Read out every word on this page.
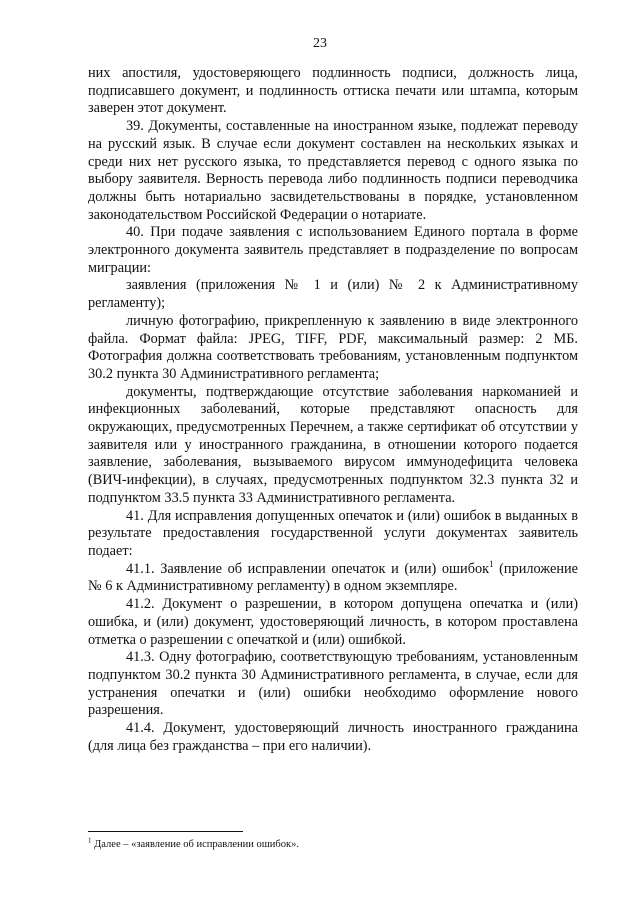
23

них апостиля, удостоверяющего подлинность подписи, должность лица, подписавшего документ, и подлинность оттиска печати или штампа, которым заверен этот документ.

39. Документы, составленные на иностранном языке, подлежат переводу на русский язык. В случае если документ составлен на нескольких языках и среди них нет русского языка, то представляется перевод с одного языка по выбору заявителя. Верность перевода либо подлинность подписи переводчика должны быть нотариально засвидетельствованы в порядке, установленном законодательством Российской Федерации о нотариате.

40. При подаче заявления с использованием Единого портала в форме электронного документа заявитель представляет в подразделение по вопросам миграции:

заявления (приложения № 1 и (или) № 2 к Административному регламенту);

личную фотографию, прикрепленную к заявлению в виде электронного файла. Формат файла: JPEG, TIFF, PDF, максимальный размер: 2 МБ. Фотография должна соответствовать требованиям, установленным подпунктом 30.2 пункта 30 Административного регламента;

документы, подтверждающие отсутствие заболевания наркоманией и инфекционных заболеваний, которые представляют опасность для окружающих, предусмотренных Перечнем, а также сертификат об отсутствии у заявителя или у иностранного гражданина, в отношении которого подается заявление, заболевания, вызываемого вирусом иммунодефицита человека (ВИЧ-инфекции), в случаях, предусмотренных подпунктом 32.3 пункта 32 и подпунктом 33.5 пункта 33 Административного регламента.

41. Для исправления допущенных опечаток и (или) ошибок в выданных в результате предоставления государственной услуги документах заявитель подает:

41.1. Заявление об исправлении опечаток и (или) ошибок$^1$ (приложение № 6 к Административному регламенту) в одном экземпляре.

41.2. Документ о разрешении, в котором допущена опечатка и (или) ошибка, и (или) документ, удостоверяющий личность, в котором проставлена отметка о разрешении с опечаткой и (или) ошибкой.

41.3. Одну фотографию, соответствующую требованиям, установленным подпунктом 30.2 пункта 30 Административного регламента, в случае, если для устранения опечатки и (или) ошибки необходимо оформление нового разрешения.

41.4. Документ, удостоверяющий личность иностранного гражданина (для лица без гражданства – при его наличии).

$^1$ Далее – «заявление об исправлении ошибок».
